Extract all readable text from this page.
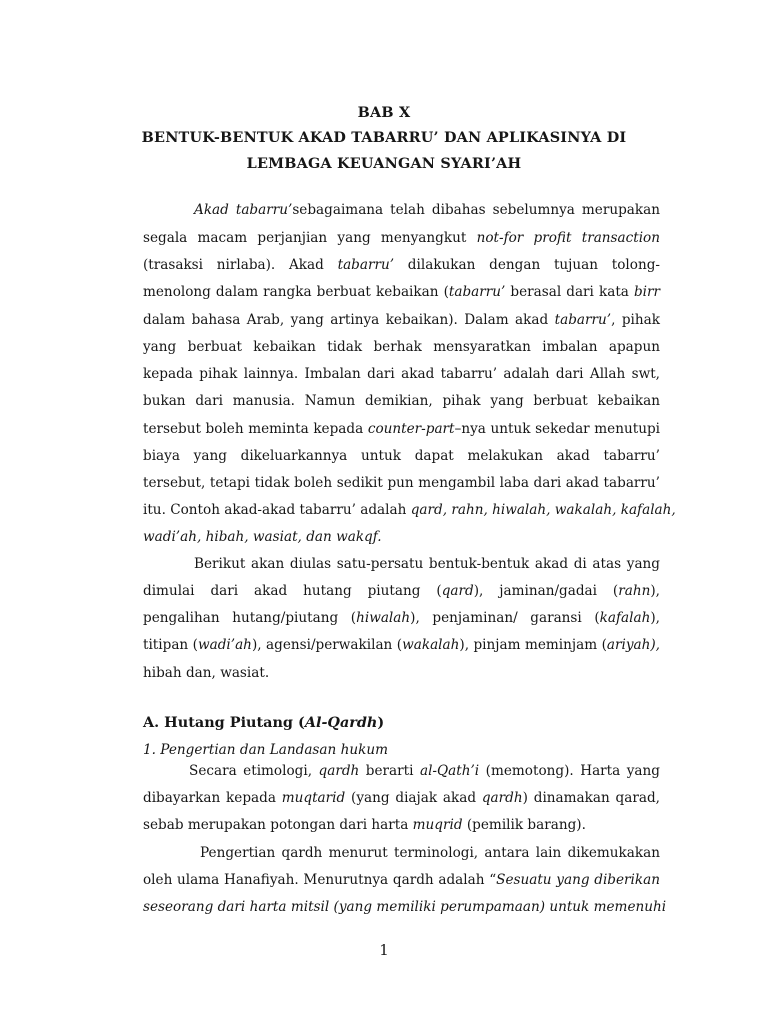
BAB X
BENTUK-BENTUK AKAD TABARRU’ DAN APLIKASINYA DI
LEMBAGA KEUANGAN SYARI’AH
Akad tabarru’sebagaimana telah dibahas sebelumnya merupakan
segala macam perjanjian yang menyangkut not-for profit transaction
(trasaksi nirlaba). Akad tabarru’ dilakukan dengan tujuan tolong-
menolong dalam rangka berbuat kebaikan (tabarru’ berasal dari kata birr
dalam bahasa Arab, yang artinya kebaikan). Dalam akad tabarru’, pihak
yang berbuat kebaikan tidak berhak mensyaratkan imbalan apapun
kepada pihak lainnya. Imbalan dari akad tabarru’ adalah dari Allah swt,
bukan dari manusia. Namun demikian, pihak yang berbuat kebaikan
tersebut boleh meminta kepada counter-part–nya untuk sekedar menutupi
biaya yang dikeluarkannya untuk dapat melakukan akad tabarru’
tersebut, tetapi tidak boleh sedikit pun mengambil laba dari akad tabarru’
itu. Contoh akad-akad tabarru’ adalah qard, rahn, hiwalah, wakalah, kafalah,
wadi’ah, hibah, wasiat, dan wakqf.
Berikut akan diulas satu-persatu bentuk-bentuk akad di atas yang
dimulai dari akad hutang piutang (qard), jaminan/gadai (rahn),
pengalihan hutang/piutang (hiwalah), penjaminan/ garansi (kafalah),
titipan (wadi’ah), agensi/perwakilan (wakalah), pinjam meminjam (ariyah),
hibah dan, wasiat.
A. Hutang Piutang (Al-Qardh)
1. Pengertian dan Landasan hukum
Secara etimologi, qardh berarti al-Qath’i (memotong). Harta yang
dibayarkan kepada muqtarid (yang diajak akad qardh) dinamakan qarad,
sebab merupakan potongan dari harta muqrid (pemilik barang).
Pengertian qardh menurut terminologi, antara lain dikemukakan
oleh ulama Hanafiyah. Menurutnya qardh adalah “Sesuatu yang diberikan
seseorang dari harta mitsil (yang memiliki perumpamaan) untuk memenuhi
1
